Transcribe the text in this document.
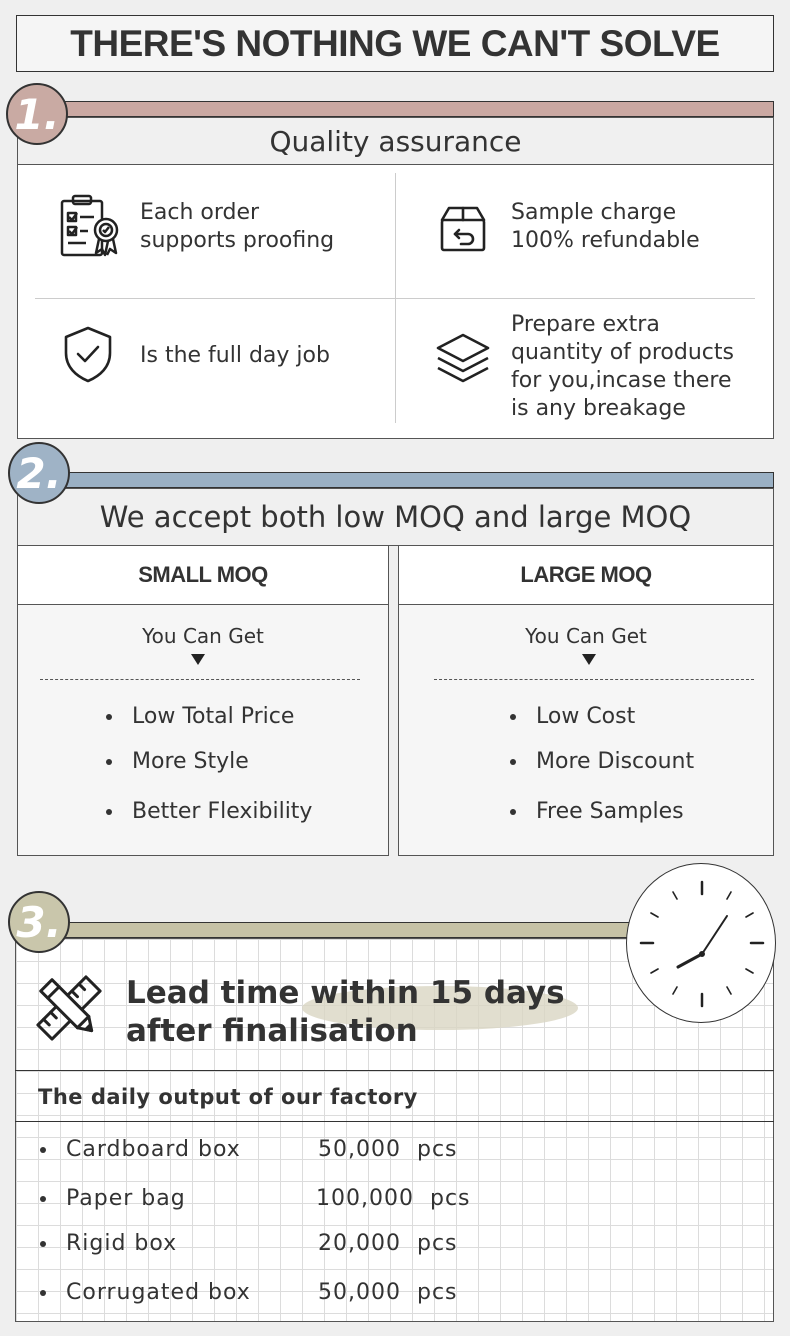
THERE'S NOTHING WE CAN'T SOLVE
1.
Quality assurance
Each order
supports proofing
Sample charge
100% refundable
Is the full day job
Prepare extra
quantity of products
for you,incase there
is any breakage
2.
We accept both low MOQ and large MOQ
SMALL MOQ
You Can Get
Low Total Price
More Style
Better Flexibility
LARGE MOQ
You Can Get
Low Cost
More Discount
Free Samples
3.
Lead time within 15 days
after finalisation
The daily output of our factory
Cardboard box	50,000 pcs
Paper bag	100,000 pcs
Rigid box	20,000 pcs
Corrugated box	50,000 pcs
